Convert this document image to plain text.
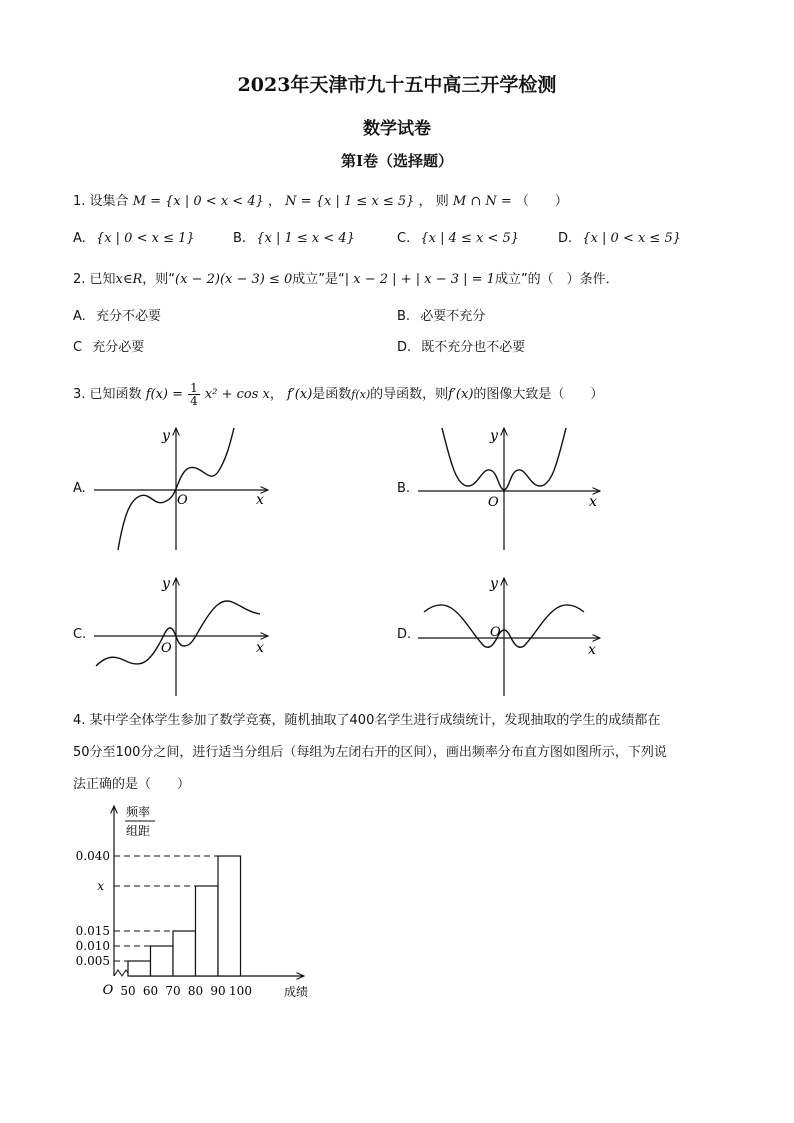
2023年天津市九十五中高三开学检测
数学试卷
第I卷（选择题）
1. 设集合 M = {x | 0 < x < 4} ， N = {x | 1 ≤ x ≤ 5} ， 则 M ∩ N = （　　）
A. {x | 0 < x ≤ 1}	B. {x | 1 ≤ x < 4}	C. {x | 4 ≤ x < 5}	D. {x | 0 < x ≤ 5}
2. 已知x∈R，则“(x − 2)(x − 3) ≤ 0成立”是“| x − 2 | + | x − 3 | = 1成立”的（　）条件．
A. 充分不必要	B. 必要不充分
C 充分必要	D. 既不充分也不必要
3. 已知函数 $f(x) = \frac{1}{4} x^2 + \cos x$， f′(x)是函数f(x)的导函数，则f′(x)的图像大致是（　　）
A.	B.
C.	D.
y
x
O
y
x
O
y
x
O
y
x
O
4. 某中学全体学生参加了数学竞赛，随机抽取了400名学生进行成绩统计，发现抽取的学生的成绩都在
50分至100分之间，进行适当分组后（每组为左闭右开的区间），画出频率分布直方图如图所示，下列说
法正确的是（　　）
频率
组距
O	成绩
0.005
0.010
0.015
x
0.040
50 60 70 80 90 100
